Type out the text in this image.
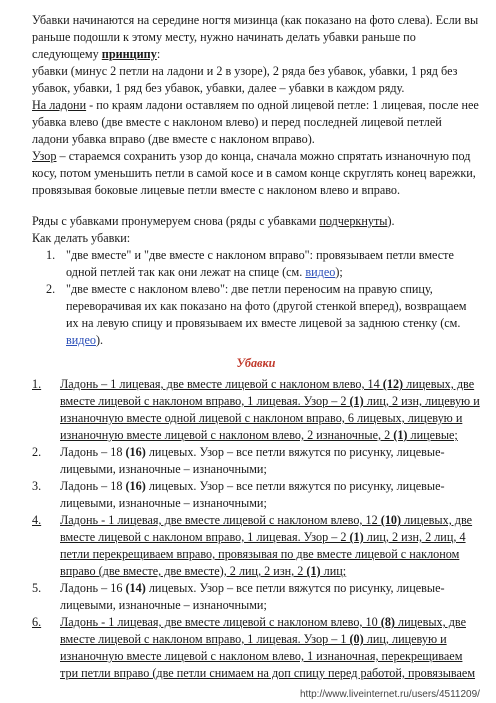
Убавки начинаются на середине ногтя мизинца (как показано на фото слева). Если вы раньше подошли к этому месту, нужно начинать делать убавки раньше по следующему принципу:

убавки (минус 2 петли на ладони и 2 в узоре), 2 ряда без убавок, убавки, 1 ряд без убавок, убавки, 1 ряд без убавок, убавки, далее – убавки в каждом ряду.

На ладони - по краям ладони оставляем по одной лицевой петле: 1 лицевая, после нее убавка влево (две вместе с наклоном влево) и перед последней лицевой петлей ладони убавка вправо (две вместе с наклоном вправо).

Узор – стараемся сохранить узор до конца, сначала можно спрятать изнаночную под косу, потом уменьшить петли в самой косе и в самом конце скруглять конец варежки, провязывая боковые лицевые петли вместе с наклоном влево и вправо.

Ряды с убавками пронумеруем снова (ряды с убавками подчеркнуты).

Как делать убавки:

1. "две вместе" и "две вместе с наклоном вправо": провязываем петли вместе одной петлей так как они лежат на спице (см. видео);
2. "две вместе с наклоном влево": две петли переносим на правую спицу, переворачивая их как показано на фото (другой стенкой вперед), возвращаем их на левую спицу и провязываем их вместе лицевой за заднюю стенку (см. видео).
Убавки
1.	Ладонь – 1 лицевая, две вместе лицевой с наклоном влево, 14 (12) лицевых, две вместе лицевой с наклоном вправо, 1 лицевая. Узор – 2 (1) лиц, 2 изн, лицевую и изнаночную вместе одной лицевой с наклоном вправо, 6 лицевых, лицевую и изнаночную вместе лицевой с наклоном влево, 2 изнаночные, 2 (1) лицевые;
2.	Ладонь – 18 (16) лицевых. Узор – все петли вяжутся по рисунку, лицевые-лицевыми, изнаночные – изнаночными;
3.	Ладонь – 18 (16) лицевых. Узор – все петли вяжутся по рисунку, лицевые-лицевыми, изнаночные – изнаночными;
4.	Ладонь - 1 лицевая, две вместе лицевой с наклоном влево, 12 (10) лицевых, две вместе лицевой с наклоном вправо, 1 лицевая. Узор – 2 (1) лиц, 2 изн, 2 лиц, 4 петли перекрещиваем вправо, провязывая по две вместе лицевой с наклоном вправо (две вместе, две вместе), 2 лиц, 2 изн, 2 (1) лиц;
5.	Ладонь – 16 (14) лицевых. Узор – все петли вяжутся по рисунку, лицевые-лицевыми, изнаночные – изнаночными;
6.	Ладонь - 1 лицевая, две вместе лицевой с наклоном влево, 10 (8) лицевых, две вместе лицевой с наклоном вправо, 1 лицевая. Узор – 1 (0) лиц, лицевую и изнаночную вместе лицевой с наклоном влево, 1 изнаночная, перекрещиваем три петли вправо (две петли снимаем на доп спицу перед работой, провязываем
http://www.liveinternet.ru/users/4511209/
